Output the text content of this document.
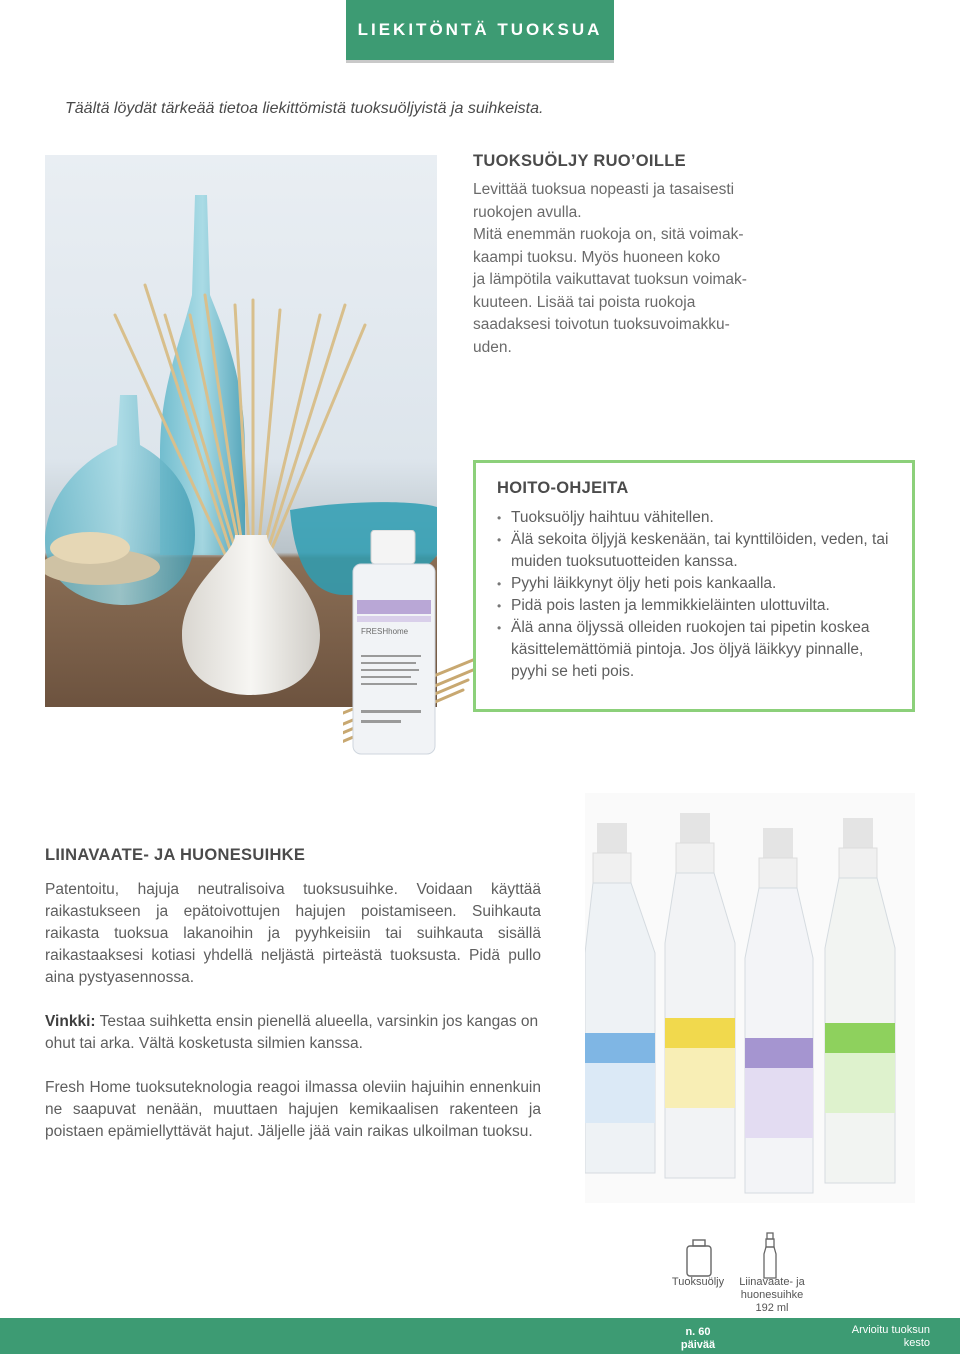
LIEKITÖNTÄ TUOKSUA
Täältä löydät tärkeää tietoa liekittömistä tuoksuöljyistä ja suihkeista.
FRESHhome
TUOKSUÖLJY RUO’OILLE
Levittää tuoksua nopeasti ja tasaisesti
ruokojen avulla.
Mitä enemmän ruokoja on, sitä voimak-
kaampi tuoksu. Myös huoneen koko
ja lämpötila vaikuttavat tuoksun voimak-
kuuteen. Lisää tai poista ruokoja
saadaksesi toivotun tuoksuvoimakku-
uden.
HOITO-OHJEITA
• Tuoksuöljy haihtuu vähitellen.
• Älä sekoita öljyjä keskenään, tai kynttilöiden, veden, tai muiden tuoksutuotteiden kanssa.
• Pyyhi läikkynyt öljy heti pois kankaalla.
• Pidä pois lasten ja lemmikkieläinten ulottuvilta.
• Älä anna öljyssä olleiden ruokojen tai pipetin koskea käsittelemättömiä pintoja. Jos öljyä läikkyy pinnalle, pyyhi se heti pois.
LIINAVAATE- JA HUONESUIHKE

Patentoitu, hajuja neutralisoiva tuoksusuihke. Voidaan käyttää raikastukseen ja epätoivottujen hajujen poistamiseen. Suihkauta raikasta tuoksua lakanoihin ja pyyhkeisiin tai suihkauta sisällä raikastaaksesi kotiasi yhdellä neljästä pirteästä tuoksusta. Pidä pullo aina pystyasennossa.

Vinkki: Testaa suihketta ensin pienellä alueella, varsinkin jos kangas on ohut tai arka. Vältä kosketusta silmien kanssa.

Fresh Home tuoksuteknologia reagoi ilmassa oleviin hajuihin ennenkuin ne saapuvat nenään, muuttaen hajujen kemikaalisen rakenteen ja poistaen epämiellyttävät hajut. Jäljelle jää vain raikas ulkoilman tuoksu.

Tuoksuöljy	Liinavaate- ja
huonesuihke
192 ml
n. 60
päivää
Arvioitu tuoksun
kesto
